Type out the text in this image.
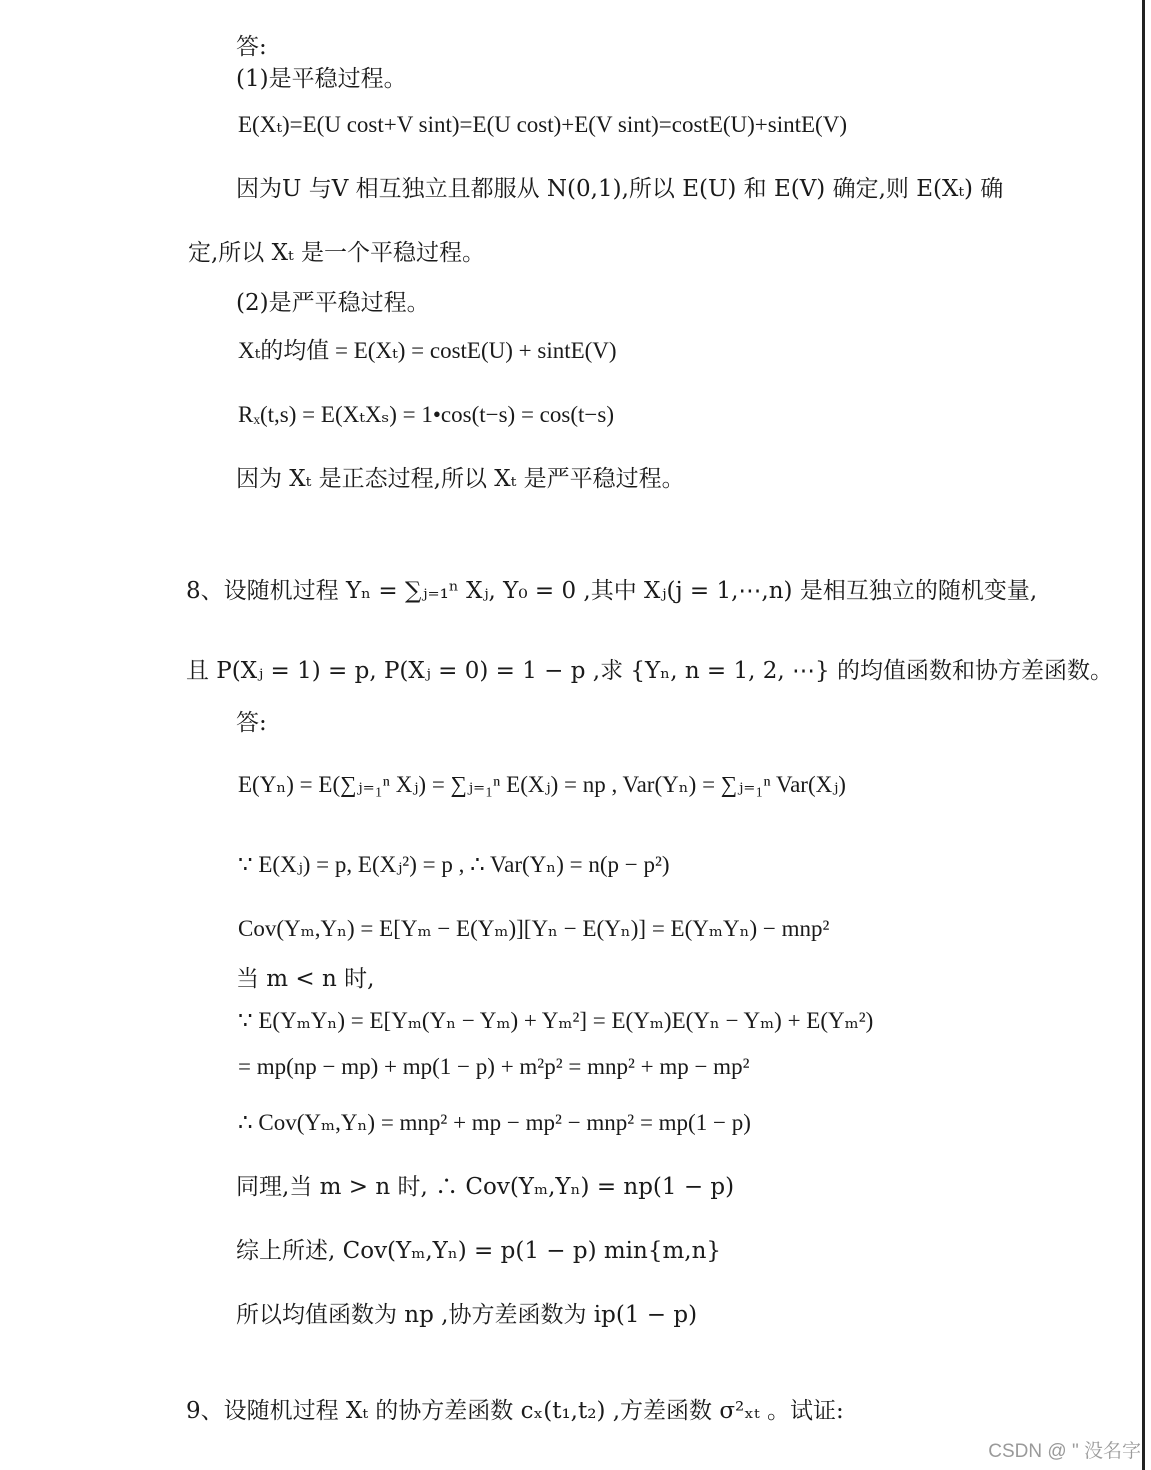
答:
(1)是平稳过程。
E(Xₜ)=E(U cost+V sint)=E(U cost)+E(V sint)=costE(U)+sintE(V)
因为U 与V 相互独立且都服从 N(0,1),所以 E(U) 和 E(V) 确定,则 E(Xₜ) 确
定,所以 Xₜ 是一个平稳过程。
(2)是严平稳过程。
Xₜ的均值 = E(Xₜ) = costE(U) + sintE(V)
Rₓ(t,s) = E(XₜXₛ) = 1•cos(t−s) = cos(t−s)
因为 Xₜ 是正态过程,所以 Xₜ 是严平稳过程。
8、设随机过程 Yₙ = ∑ⱼ₌₁ⁿ Xⱼ, Y₀ = 0 ,其中 Xⱼ(j = 1,⋯,n) 是相互独立的随机变量,
且 P(Xⱼ = 1) = p, P(Xⱼ = 0) = 1 − p ,求 {Yₙ, n = 1, 2, ⋯} 的均值函数和协方差函数。
答:
E(Yₙ) = E(∑ⱼ₌₁ⁿ Xⱼ) = ∑ⱼ₌₁ⁿ E(Xⱼ) = np , Var(Yₙ) = ∑ⱼ₌₁ⁿ Var(Xⱼ)
∵ E(Xⱼ) = p, E(Xⱼ²) = p , ∴ Var(Yₙ) = n(p − p²)
Cov(Yₘ,Yₙ) = E[Yₘ − E(Yₘ)][Yₙ − E(Yₙ)] = E(YₘYₙ) − mnp²
当 m < n 时,
∵ E(YₘYₙ) = E[Yₘ(Yₙ − Yₘ) + Yₘ²] = E(Yₘ)E(Yₙ − Yₘ) + E(Yₘ²)
= mp(np − mp) + mp(1 − p) + m²p² = mnp² + mp − mp²
∴ Cov(Yₘ,Yₙ) = mnp² + mp − mp² − mnp² = mp(1 − p)
同理,当 m > n 时, ∴ Cov(Yₘ,Yₙ) = np(1 − p)
综上所述, Cov(Yₘ,Yₙ) = p(1 − p) min{m,n}
所以均值函数为 np ,协方差函数为 ip(1 − p)
9、设随机过程 Xₜ 的协方差函数 cₓ(t₁,t₂) ,方差函数 σ²ₓₜ 。试证:
CSDN @ " 没名字
